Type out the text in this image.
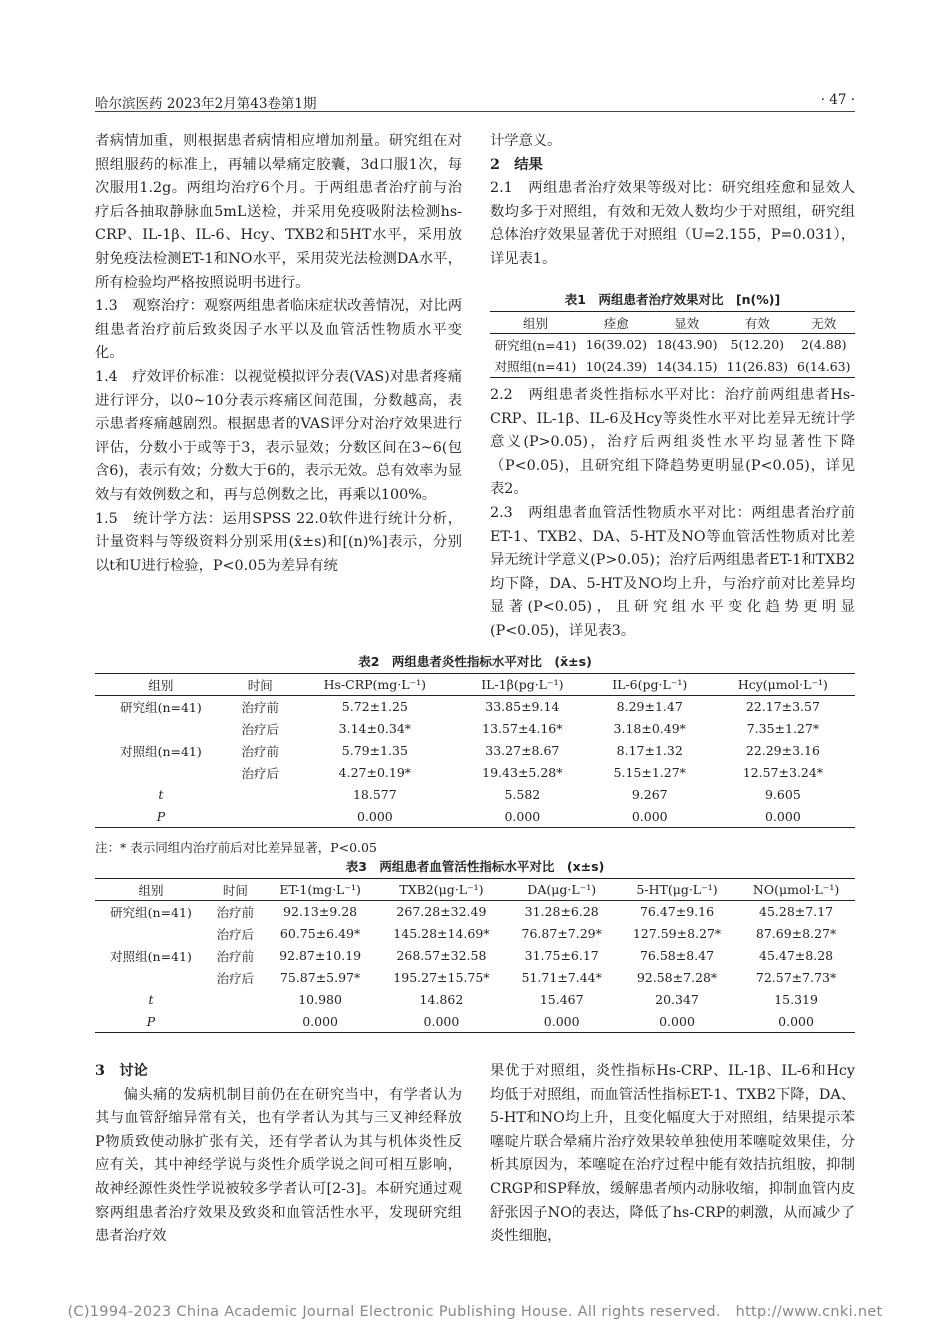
哈尔滨医药 2023年2月第43卷第1期	· 47 ·

者病情加重，则根据患者病情相应增加剂量。研究组在对照组服药的标准上，再辅以晕痛定胶囊，3d口服1次，每次服用1.2g。两组均治疗6个月。于两组患者治疗前与治疗后各抽取静脉血5mL送检，并采用免疫吸附法检测hs-CRP、IL-1β、IL-6、Hcy、TXB2和5HT水平，采用放射免疫法检测ET-1和NO水平，采用荧光法检测DA水平，所有检验均严格按照说明书进行。

1.3　观察治疗：观察两组患者临床症状改善情况，对比两组患者治疗前后致炎因子水平以及血管活性物质水平变化。

1.4　疗效评价标准：以视觉模拟评分表(VAS)对患者疼痛进行评分，以0~10分表示疼痛区间范围，分数越高，表示患者疼痛越剧烈。根据患者的VAS评分对治疗效果进行评估，分数小于或等于3，表示显效；分数区间在3~6(包含6)，表示有效；分数大于6的，表示无效。总有效率为显效与有效例数之和，再与总例数之比，再乘以100%。

1.5　统计学方法：运用SPSS 22.0软件进行统计分析，计量资料与等级资料分别采用(x̄±s)和[(n)%]表示，分别以t和U进行检验，P<0.05为差异有统

计学意义。

2　结果

2.1　两组患者治疗效果等级对比：研究组痊愈和显效人数均多于对照组，有效和无效人数均少于对照组，研究组总体治疗效果显著优于对照组（U=2.155，P=0.031），详见表1。

表1　两组患者治疗效果对比　[n(%)]
组别	痊愈	显效	有效	无效
研究组(n=41)	16(39.02)	18(43.90)	5(12.20)	2(4.88)
对照组(n=41)	10(24.39)	14(34.15)	11(26.83)	6(14.63)

2.2　两组患者炎性指标水平对比：治疗前两组患者Hs-CRP、IL-1β、IL-6及Hcy等炎性水平对比差异无统计学意义(P>0.05)，治疗后两组炎性水平均显著性下降（P<0.05)，且研究组下降趋势更明显(P<0.05)，详见表2。

2.3　两组患者血管活性物质水平对比：两组患者治疗前ET-1、TXB2、DA、5-HT及NO等血管活性物质对比差异无统计学意义(P>0.05)；治疗后两组患者ET-1和TXB2均下降，DA、5-HT及NO均上升，与治疗前对比差异均显著(P<0.05)，且研究组水平变化趋势更明显(P<0.05)，详见表3。

表2　两组患者炎性指标水平对比　(x̄±s)
组别	时间	Hs-CRP(mg·L⁻¹)	IL-1β(pg·L⁻¹)	IL-6(pg·L⁻¹)	Hcy(μmol·L⁻¹)
研究组(n=41)	治疗前	5.72±1.25	33.85±9.14	8.29±1.47	22.17±3.57
	治疗后	3.14±0.34*	13.57±4.16*	3.18±0.49*	7.35±1.27*
对照组(n=41)	治疗前	5.79±1.35	33.27±8.67	8.17±1.32	22.29±3.16
	治疗后	4.27±0.19*	19.43±5.28*	5.15±1.27*	12.57±3.24*
t		18.577	5.582	9.267	9.605
P		0.000	0.000	0.000	0.000
注：* 表示同组内治疗前后对比差异显著，P<0.05
表3　两组患者血管活性指标水平对比　(x±s)
组别	时间	ET-1(mg·L⁻¹)	TXB2(μg·L⁻¹)	DA(μg·L⁻¹)	5-HT(μg·L⁻¹)	NO(μmol·L⁻¹)
研究组(n=41)	治疗前	92.13±9.28	267.28±32.49	31.28±6.28	76.47±9.16	45.28±7.17
	治疗后	60.75±6.49*	145.28±14.69*	76.87±7.29*	127.59±8.27*	87.69±8.27*
对照组(n=41)	治疗前	92.87±10.19	268.57±32.58	31.75±6.17	76.58±8.47	45.47±8.28
	治疗后	75.87±5.97*	195.27±15.75*	51.71±7.44*	92.58±7.28*	72.57±7.73*
t		10.980	14.862	15.467	20.347	15.319
P		0.000	0.000	0.000	0.000	0.000

3　讨论

偏头痛的发病机制目前仍在在研究当中，有学者认为其与血管舒缩异常有关，也有学者认为其与三叉神经释放P物质致使动脉扩张有关，还有学者认为其与机体炎性反应有关，其中神经学说与炎性介质学说之间可相互影响，故神经源性炎性学说被较多学者认可[2-3]。本研究通过观察两组患者治疗效果及致炎和血管活性水平，发现研究组患者治疗效

果优于对照组，炎性指标Hs-CRP、IL-1β、IL-6和Hcy均低于对照组，而血管活性指标ET-1、TXB2下降，DA、5-HT和NO均上升，且变化幅度大于对照组，结果提示苯噻啶片联合晕痛片治疗效果较单独使用苯噻啶效果佳，分析其原因为，苯噻啶在治疗过程中能有效拮抗组胺，抑制CRGP和SP释放，缓解患者颅内动脉收缩，抑制血管内皮舒张因子NO的表达，降低了hs-CRP的刺激，从而减少了炎性细胞，

(C)1994-2023 China Academic Journal Electronic Publishing House. All rights reserved.　http://www.cnki.net
